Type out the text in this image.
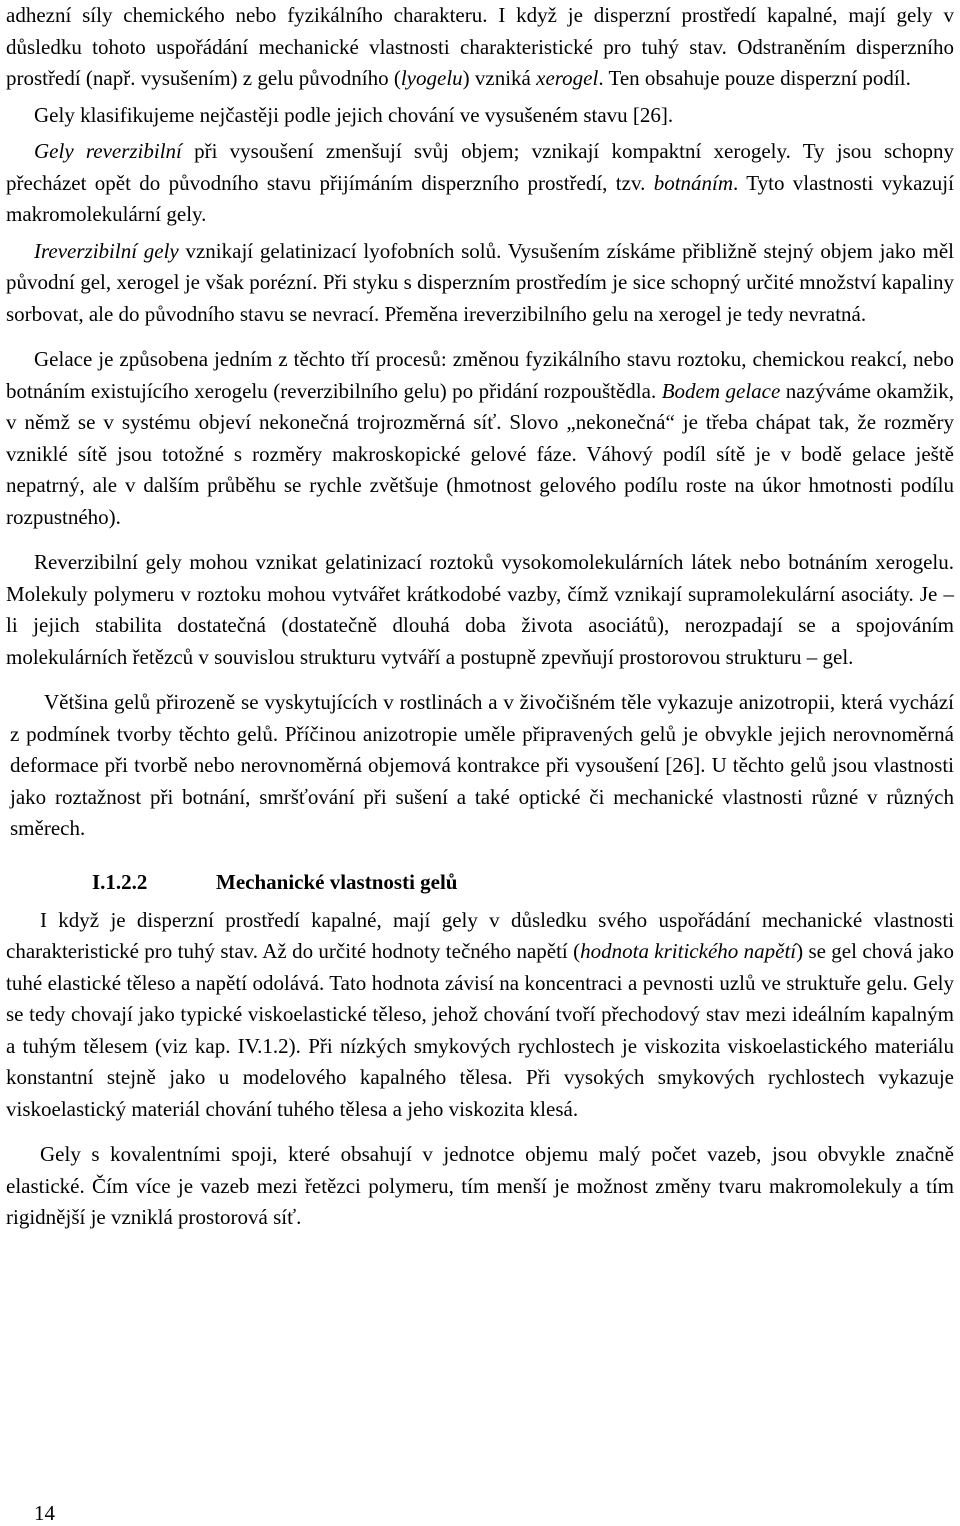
adhezní síly chemického nebo fyzikálního charakteru. I když je disperzní prostředí kapalné, mají gely v důsledku tohoto uspořádání mechanické vlastnosti charakteristické pro tuhý stav. Odstraněním disperzního prostředí (např. vysušením) z gelu původního (lyogelu) vzniká xerogel. Ten obsahuje pouze disperzní podíl.

Gely klasifikujeme nejčastěji podle jejich chování ve vysušeném stavu [26].

Gely reverzibilní při vysoušení zmenšují svůj objem; vznikají kompaktní xerogely. Ty jsou schopny přecházet opět do původního stavu přijímáním disperzního prostředí, tzv. botnáním. Tyto vlastnosti vykazují makromolekulární gely.

Ireverzibilní gely vznikají gelatinizací lyofobních solů. Vysušením získáme přibližně stejný objem jako měl původní gel, xerogel je však porézní. Při styku s disperzním prostředím je sice schopný určité množství kapaliny sorbovat, ale do původního stavu se nevrací. Přeměna ireverzibilního gelu na xerogel je tedy nevratná.

Gelace je způsobena jedním z těchto tří procesů: změnou fyzikálního stavu roztoku, chemickou reakcí, nebo botnáním existujícího xerogelu (reverzibilního gelu) po přidání rozpouštědla. Bodem gelace nazýváme okamžik, v němž se v systému objeví nekonečná trojrozměrná síť. Slovo „nekonečná“ je třeba chápat tak, že rozměry vzniklé sítě jsou totožné s rozměry makroskopické gelové fáze. Váhový podíl sítě je v bodě gelace ještě nepatrný, ale v dalším průběhu se rychle zvětšuje (hmotnost gelového podílu roste na úkor hmotnosti podílu rozpustného).

Reverzibilní gely mohou vznikat gelatinizací roztoků vysokomolekulárních látek nebo botnáním xerogelu. Molekuly polymeru v roztoku mohou vytvářet krátkodobé vazby, čímž vznikají supramolekulární asociáty. Je – li jejich stabilita dostatečná (dostatečně dlouhá doba života asociátů), nerozpadají se a spojováním molekulárních řetězců v souvislou strukturu vytváří a postupně zpevňují prostorovou strukturu – gel.

Většina gelů přirozeně se vyskytujících v rostlinách a v živočišném těle vykazuje anizotropii, která vychází z podmínek tvorby těchto gelů. Příčinou anizotropie uměle připravených gelů je obvykle jejich nerovnoměrná deformace při tvorbě nebo nerovnoměrná objemová kontrakce při vysoušení [26]. U těchto gelů jsou vlastnosti jako roztažnost při botnání, smršťování při sušení a také optické či mechanické vlastnosti různé v různých směrech.

I.1.2.2	Mechanické vlastnosti gelů

I když je disperzní prostředí kapalné, mají gely v důsledku svého uspořádání mechanické vlastnosti charakteristické pro tuhý stav. Až do určité hodnoty tečného napětí (hodnota kritického napětí) se gel chová jako tuhé elastické těleso a napětí odolává. Tato hodnota závisí na koncentraci a pevnosti uzlů ve struktuře gelu. Gely se tedy chovají jako typické viskoelastické těleso, jehož chování tvoří přechodový stav mezi ideálním kapalným a tuhým tělesem (viz kap. IV.1.2). Při nízkých smykových rychlostech je viskozita viskoelastického materiálu konstantní stejně jako u modelového kapalného tělesa. Při vysokých smykových rychlostech vykazuje viskoelastický materiál chování tuhého tělesa a jeho viskozita klesá.

Gely s kovalentními spoji, které obsahují v jednotce objemu malý počet vazeb, jsou obvykle značně elastické. Čím více je vazeb mezi řetězci polymeru, tím menší je možnost změny tvaru makromolekuly a tím rigidnější je vzniklá prostorová síť.

14
